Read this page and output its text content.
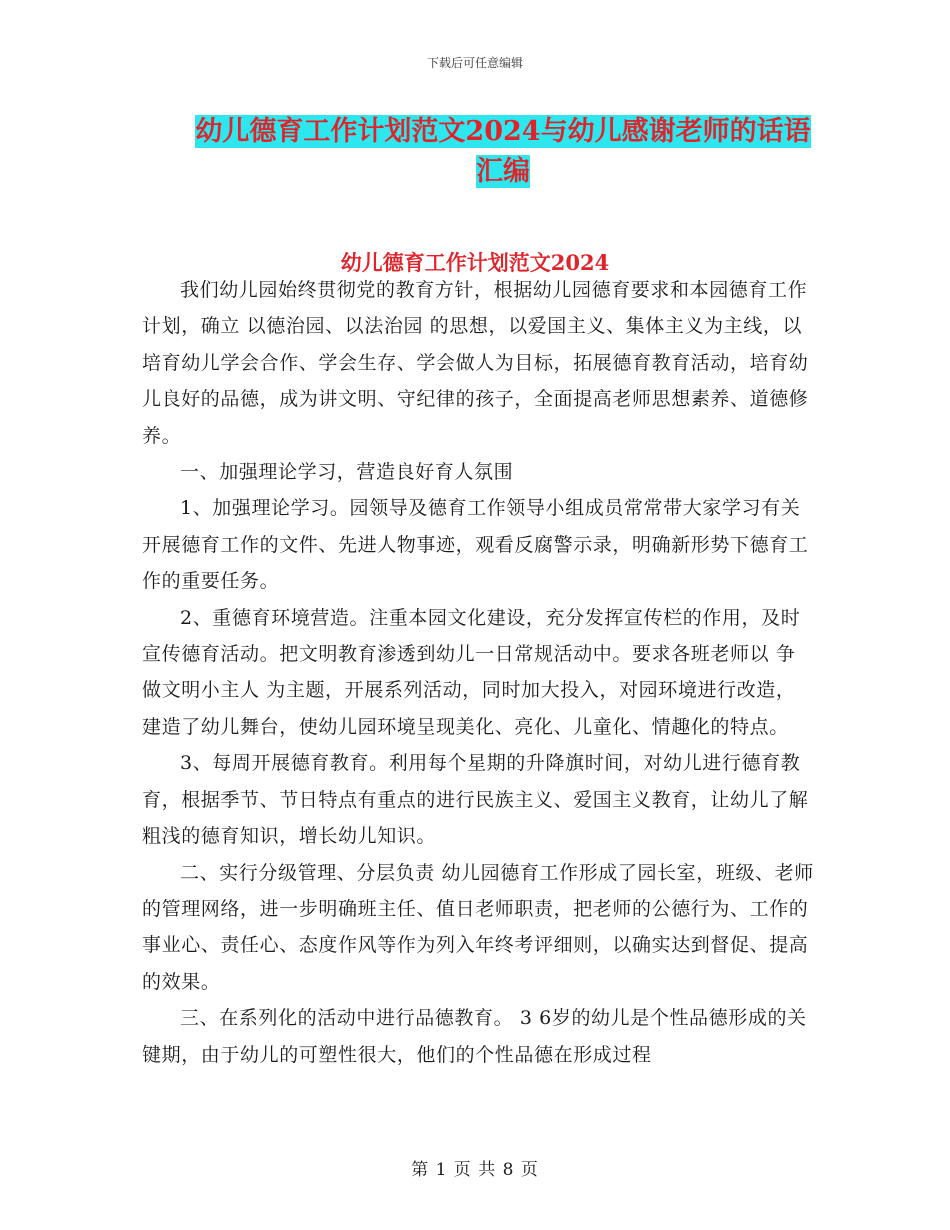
下载后可任意编辑
幼儿德育工作计划范文2024与幼儿感谢老师的话语汇编
幼儿德育工作计划范文2024

我们幼儿园始终贯彻党的教育方针，根据幼儿园德育要求和本园德育工作计划，确立 以德治园、以法治园 的思想，以爱国主义、集体主义为主线，以培育幼儿学会合作、学会生存、学会做人为目标，拓展德育教育活动，培育幼儿良好的品德，成为讲文明、守纪律的孩子，全面提高老师思想素养、道德修养。

一、加强理论学习，营造良好育人氛围

1、加强理论学习。园领导及德育工作领导小组成员常常带大家学习有关开展德育工作的文件、先进人物事迹，观看反腐警示录，明确新形势下德育工作的重要任务。

2、重德育环境营造。注重本园文化建设，充分发挥宣传栏的作用，及时宣传德育活动。把文明教育渗透到幼儿一日常规活动中。要求各班老师以 争做文明小主人 为主题，开展系列活动，同时加大投入，对园环境进行改造，建造了幼儿舞台，使幼儿园环境呈现美化、亮化、儿童化、情趣化的特点。

3、每周开展德育教育。利用每个星期的升降旗时间，对幼儿进行德育教育，根据季节、节日特点有重点的进行民族主义、爱国主义教育，让幼儿了解粗浅的德育知识，增长幼儿知识。

二、实行分级管理、分层负责 幼儿园德育工作形成了园长室，班级、老师的管理网络，进一步明确班主任、值日老师职责，把老师的公德行为、工作的事业心、责任心、态度作风等作为列入年终考评细则，以确实达到督促、提高的效果。

三、在系列化的活动中进行品德教育。 3 6岁的幼儿是个性品德形成的关键期，由于幼儿的可塑性很大，他们的个性品德在形成过程

第 1 页 共 8 页
